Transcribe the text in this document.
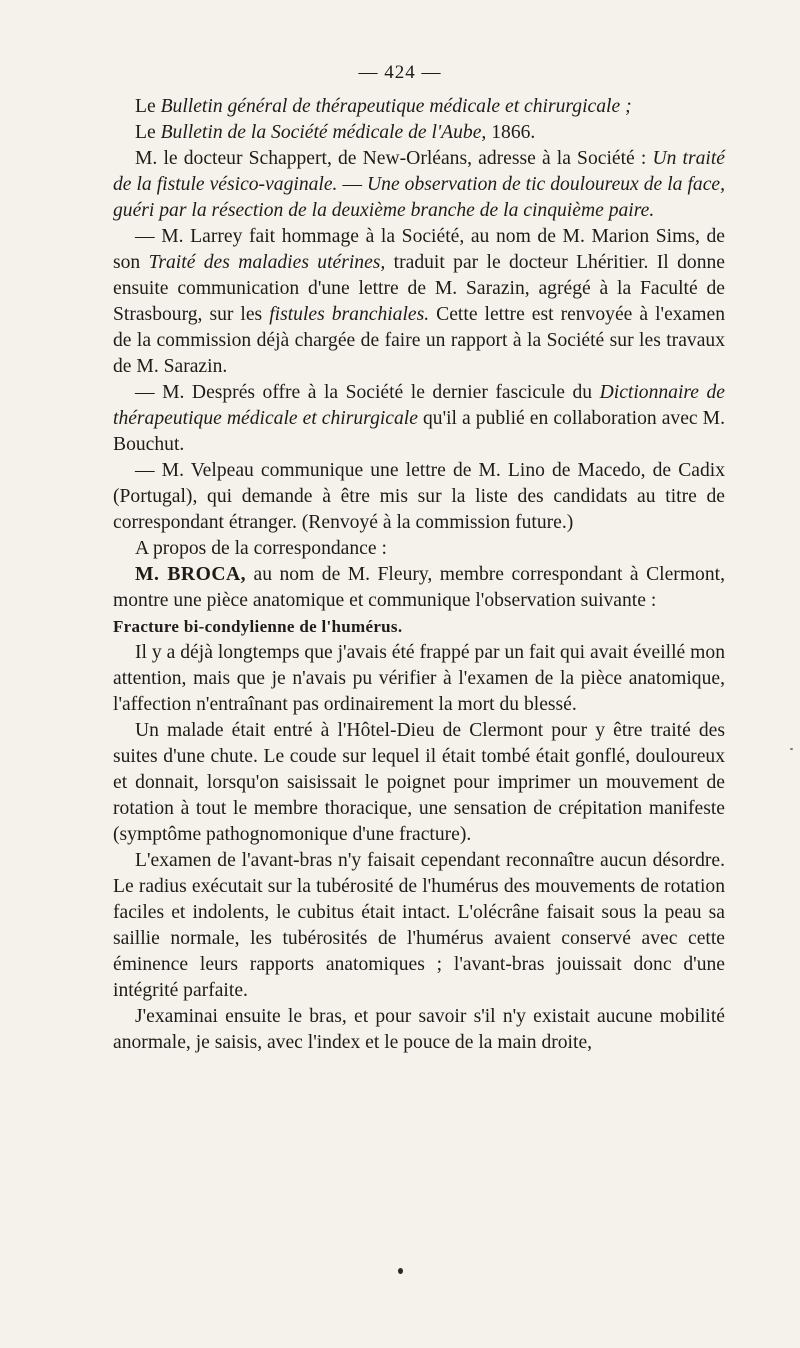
— 424 —

Le Bulletin général de thérapeutique médicale et chirurgicale ;

Le Bulletin de la Société médicale de l'Aube, 1866.

M. le docteur Schappert, de New-Orléans, adresse à la Société : Un traité de la fistule vésico-vaginale. — Une observation de tic douloureux de la face, guéri par la résection de la deuxième branche de la cinquième paire.

— M. Larrey fait hommage à la Société, au nom de M. Marion Sims, de son Traité des maladies utérines, traduit par le docteur Lhéritier. Il donne ensuite communication d'une lettre de M. Sarazin, agrégé à la Faculté de Strasbourg, sur les fistules branchiales. Cette lettre est renvoyée à l'examen de la commission déjà chargée de faire un rapport à la Société sur les travaux de M. Sarazin.

— M. Després offre à la Société le dernier fascicule du Dictionnaire de thérapeutique médicale et chirurgicale qu'il a publié en collaboration avec M. Bouchut.

— M. Velpeau communique une lettre de M. Lino de Macedo, de Cadix (Portugal), qui demande à être mis sur la liste des candidats au titre de correspondant étranger. (Renvoyé à la commission future.)

A propos de la correspondance :

M. BROCA, au nom de M. Fleury, membre correspondant à Clermont, montre une pièce anatomique et communique l'observation suivante :

Fracture bi-condylienne de l'humérus.

Il y a déjà longtemps que j'avais été frappé par un fait qui avait éveillé mon attention, mais que je n'avais pu vérifier à l'examen de la pièce anatomique, l'affection n'entraînant pas ordinairement la mort du blessé.

Un malade était entré à l'Hôtel-Dieu de Clermont pour y être traité des suites d'une chute. Le coude sur lequel il était tombé était gonflé, douloureux et donnait, lorsqu'on saisissait le poignet pour imprimer un mouvement de rotation à tout le membre thoracique, une sensation de crépitation manifeste (symptôme pathognomonique d'une fracture).

L'examen de l'avant-bras n'y faisait cependant reconnaître aucun désordre. Le radius exécutait sur la tubérosité de l'humérus des mouvements de rotation faciles et indolents, le cubitus était intact. L'olécrâne faisait sous la peau sa saillie normale, les tubérosités de l'humérus avaient conservé avec cette éminence leurs rapports anatomiques ; l'avant-bras jouissait donc d'une intégrité parfaite.

J'examinai ensuite le bras, et pour savoir s'il n'y existait aucune mobilité anormale, je saisis, avec l'index et le pouce de la main droite,
